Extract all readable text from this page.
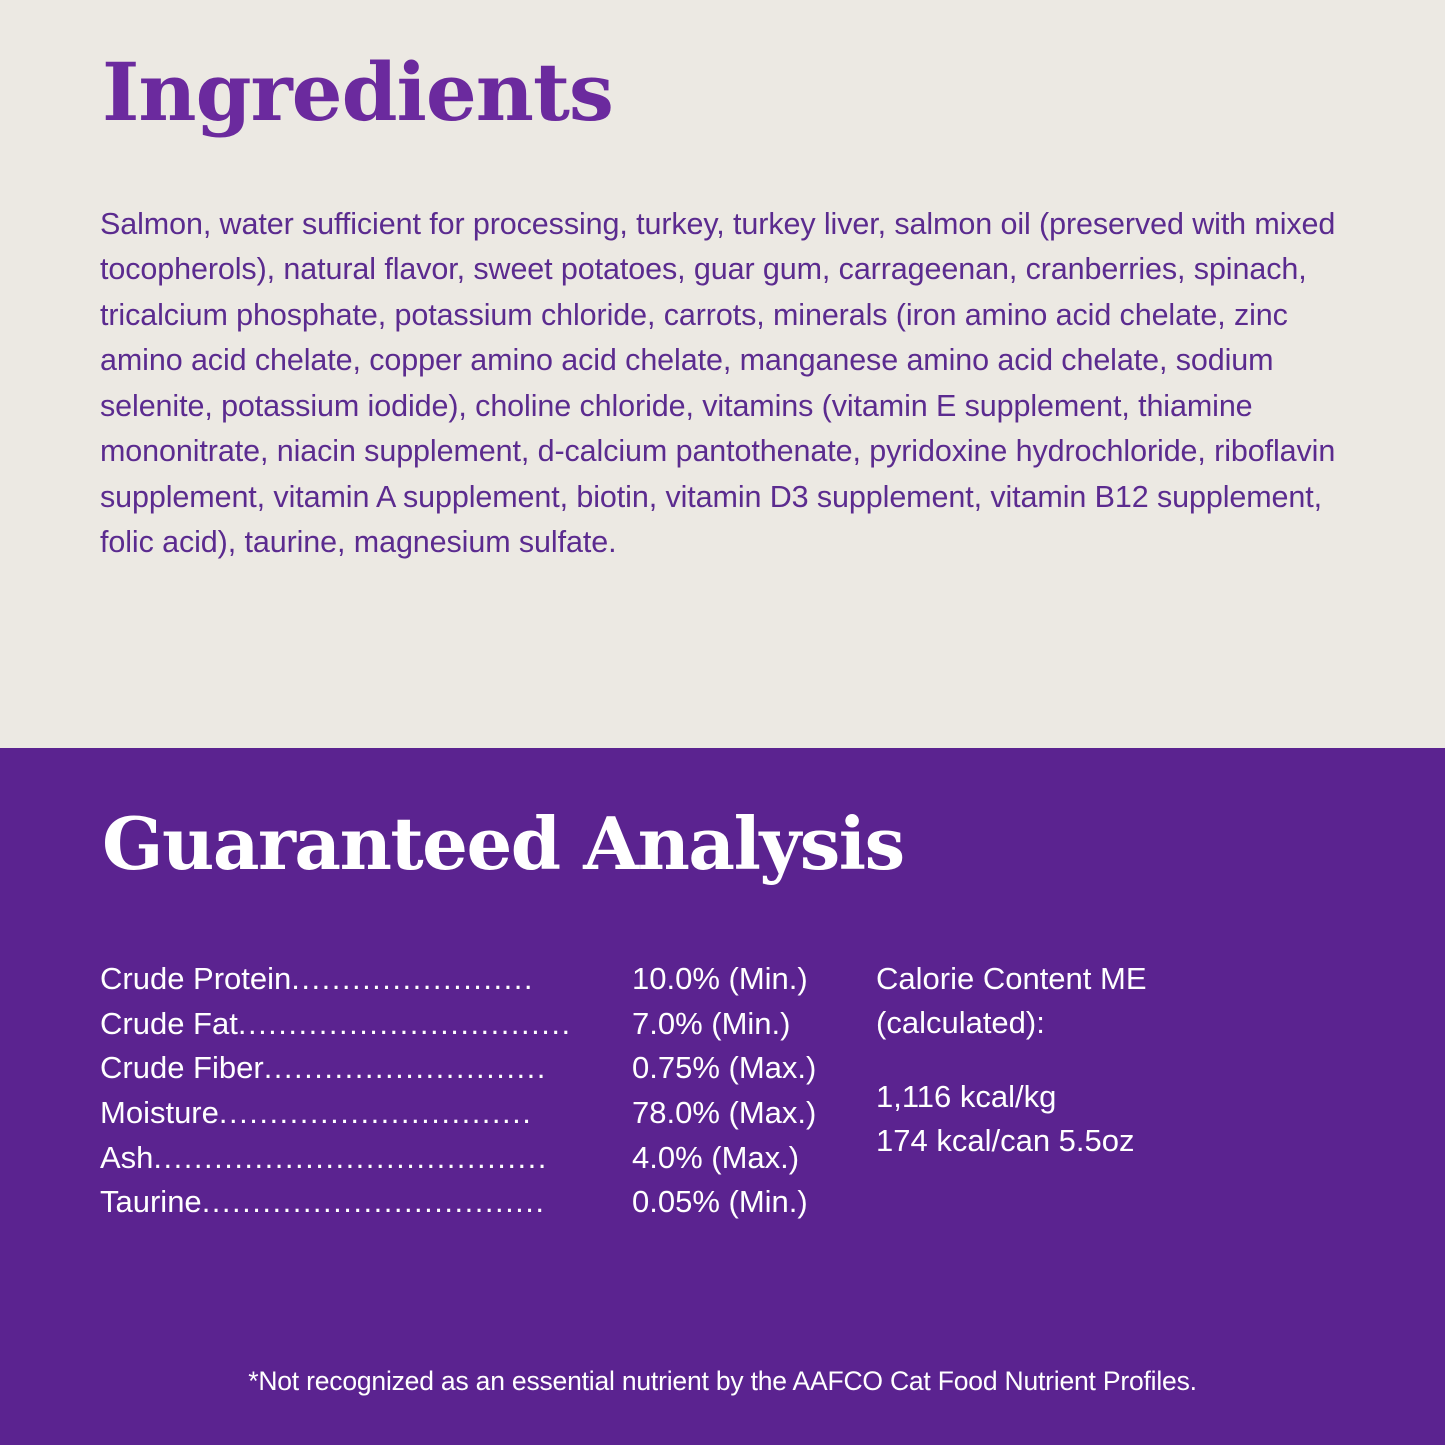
Ingredients

Salmon, water sufficient for processing, turkey, turkey liver, salmon oil (preserved with mixed tocopherols), natural flavor, sweet potatoes, guar gum, carrageenan, cranberries, spinach, tricalcium phosphate, potassium chloride, carrots, minerals (iron amino acid chelate, zinc amino acid chelate, copper amino acid chelate, manganese amino acid chelate, sodium selenite, potassium iodide), choline chloride, vitamins (vitamin E supplement, thiamine mononitrate, niacin supplement, d-calcium pantothenate, pyridoxine hydrochloride, riboflavin supplement, vitamin A supplement, biotin, vitamin D3 supplement, vitamin B12 supplement, folic acid), taurine, magnesium sulfate.

Guaranteed Analysis
Crude Protein ........................	10.0% (Min.)
Crude Fat .................................	7.0% (Min.)
Crude Fiber ............................	0.75% (Max.)
Moisture ...............................	78.0% (Max.)
Ash .......................................	4.0% (Max.)
Taurine ..................................	0.05% (Min.)
Calorie Content ME
(calculated):
1,116 kcal/kg
174 kcal/can 5.5oz
*Not recognized as an essential nutrient by the AAFCO Cat Food Nutrient Profiles.
